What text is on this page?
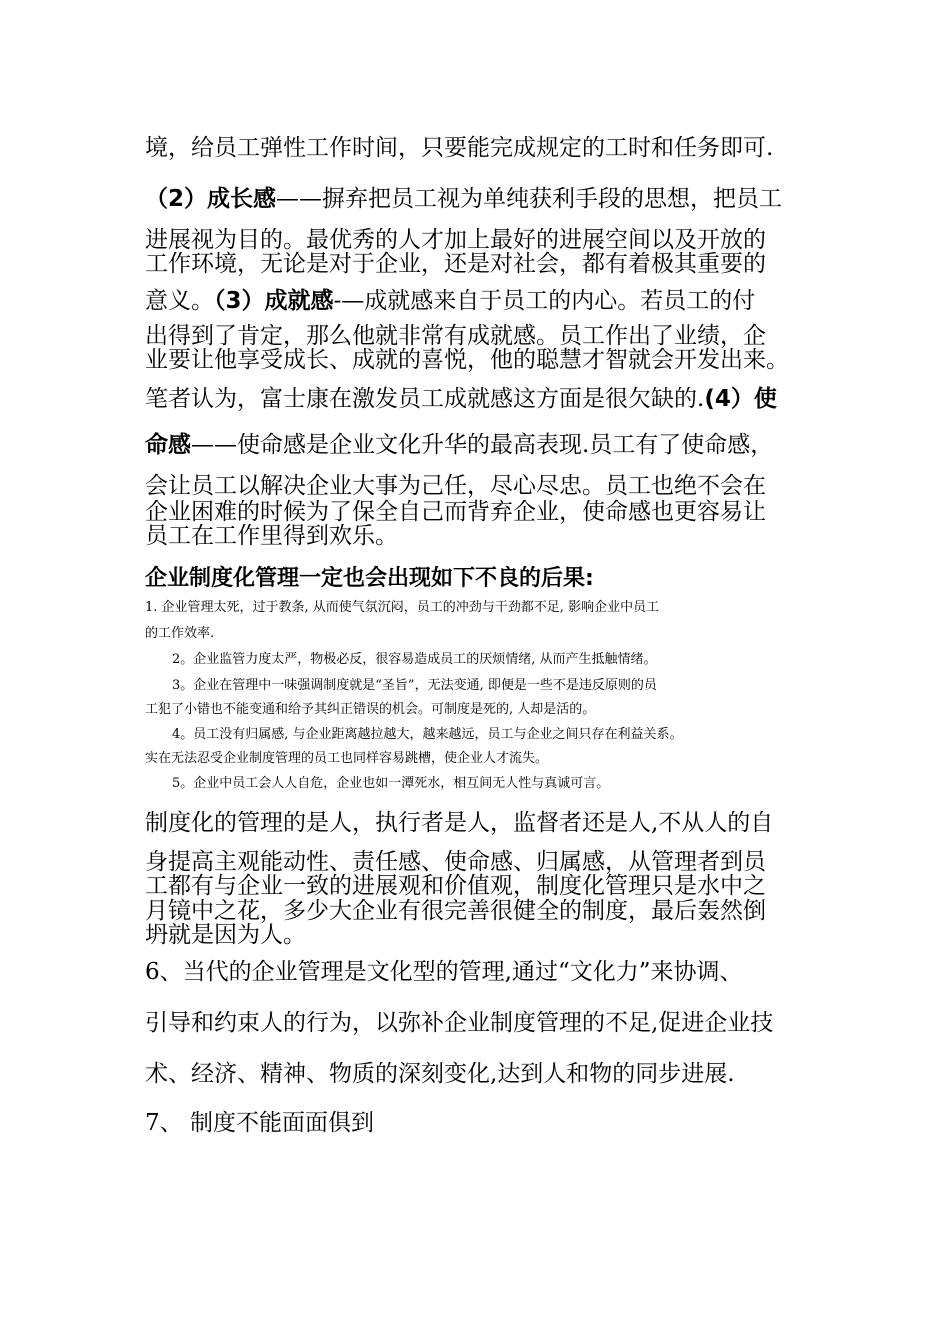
境，给员工弹性工作时间，只要能完成规定的工时和任务即可.
（2）成长感——摒弃把员工视为单纯获利手段的思想，把员工
进展视为目的。最优秀的人才加上最好的进展空间以及开放的
工作环境，无论是对于企业，还是对社会，都有着极其重要的
意义。（3）成就感-—成就感来自于员工的内心。若员工的付
出得到了肯定，那么他就非常有成就感。员工作出了业绩，企
业要让他享受成长、成就的喜悦，他的聪慧才智就会开发出来。
笔者认为，富士康在激发员工成就感这方面是很欠缺的.(4）使
命感——使命感是企业文化升华的最高表现.员工有了使命感，
会让员工以解决企业大事为己任，尽心尽忠。员工也绝不会在
企业困难的时候为了保全自己而背弃企业，使命感也更容易让
员工在工作里得到欢乐。
企业制度化管理一定也会出现如下不良的后果:
1. 企业管理太死，过于教条, 从而使气氛沉闷，员工的冲劲与干劲都不足, 影响企业中员工
的工作效率.
2。企业监管力度太严，物极必反，很容易造成员工的厌烦情绪, 从而产生抵触情绪。
3。企业在管理中一味强调制度就是“圣旨”，无法变通, 即便是一些不是违反原则的员
工犯了小错也不能变通和给予其纠正错误的机会。可制度是死的, 人却是活的。
4。员工没有归属感, 与企业距离越拉越大，越来越远，员工与企业之间只存在利益关系。
实在无法忍受企业制度管理的员工也同样容易跳槽，使企业人才流失。
5。企业中员工会人人自危，企业也如一潭死水，相互间无人性与真诚可言。
制度化的管理的是人，执行者是人，监督者还是人,不从人的自
身提高主观能动性、责任感、使命感、归属感，从管理者到员
工都有与企业一致的进展观和价值观，制度化管理只是水中之
月镜中之花，多少大企业有很完善很健全的制度，最后轰然倒
坍就是因为人。
6、当代的企业管理是文化型的管理,通过“文化力”来协调、
引导和约束人的行为，以弥补企业制度管理的不足,促进企业技
术、经济、精神、物质的深刻变化,达到人和物的同步进展.
7、 制度不能面面俱到
